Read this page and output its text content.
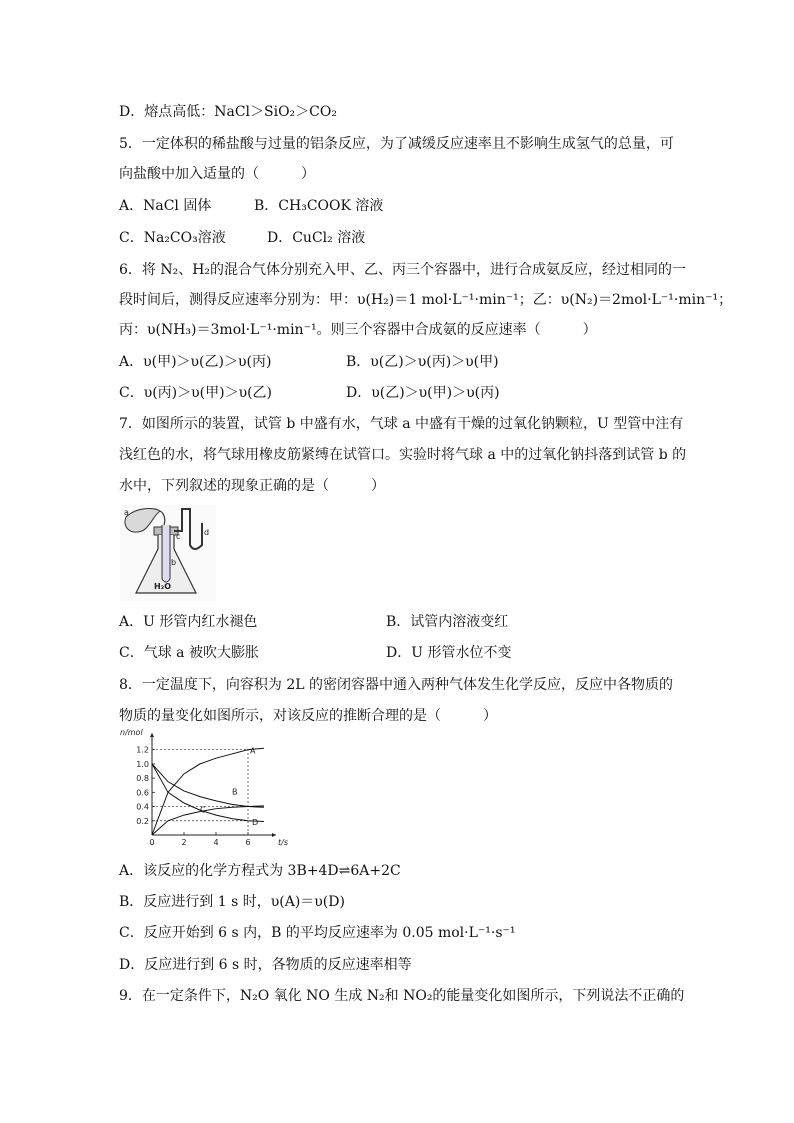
D．熔点高低：NaCl＞SiO₂＞CO₂
5．一定体积的稀盐酸与过量的铝条反应，为了减缓反应速率且不影响生成氢气的总量，可
向盐酸中加入适量的（　　　）
A．NaCl 固体	B．CH₃COOK 溶液
C．Na₂CO₃溶液	D．CuCl₂ 溶液
6．将 N₂、H₂的混合气体分别充入甲、乙、丙三个容器中，进行合成氨反应，经过相同的一
段时间后，测得反应速率分别为：甲：υ(H₂)＝1 mol·L⁻¹·min⁻¹；乙：υ(N₂)＝2mol·L⁻¹·min⁻¹；
丙：υ(NH₃)＝3mol·L⁻¹·min⁻¹。则三个容器中合成氨的反应速率（　　　）
A．υ(甲)＞υ(乙)＞υ(丙)	B．υ(乙)＞υ(丙)＞υ(甲)
C．υ(丙)＞υ(甲)＞υ(乙)	D．υ(乙)＞υ(甲)＞υ(丙)
7．如图所示的装置，试管 b 中盛有水，气球 a 中盛有干燥的过氧化钠颗粒，U 型管中注有
浅红色的水，将气球用橡皮筋紧缚在试管口。实验时将气球 a 中的过氧化钠抖落到试管 b 的
水中，下列叙述的现象正确的是（　　　）
a
b
c	d
H₂O
A．U 形管内红水褪色	B．试管内溶液变红
C．气球 a 被吹大膨胀	D．U 形管水位不变
8．一定温度下，向容积为 2L 的密闭容器中通入两种气体发生化学反应，反应中各物质的
物质的量变化如图所示，对该反应的推断合理的是（　　　）
0.2
0.4
0.6
0.8
1.0
1.2
0	2	4	6
n/mol
t/s
A
B
C
D
A．该反应的化学方程式为 3B+4D⇌6A+2C
B．反应进行到 1 s 时，υ(A)＝υ(D)
C．反应开始到 6 s 内，B 的平均反应速率为 0.05 mol·L⁻¹·s⁻¹
D．反应进行到 6 s 时，各物质的反应速率相等
9．在一定条件下，N₂O 氧化 NO 生成 N₂和 NO₂的能量变化如图所示，下列说法不正确的
